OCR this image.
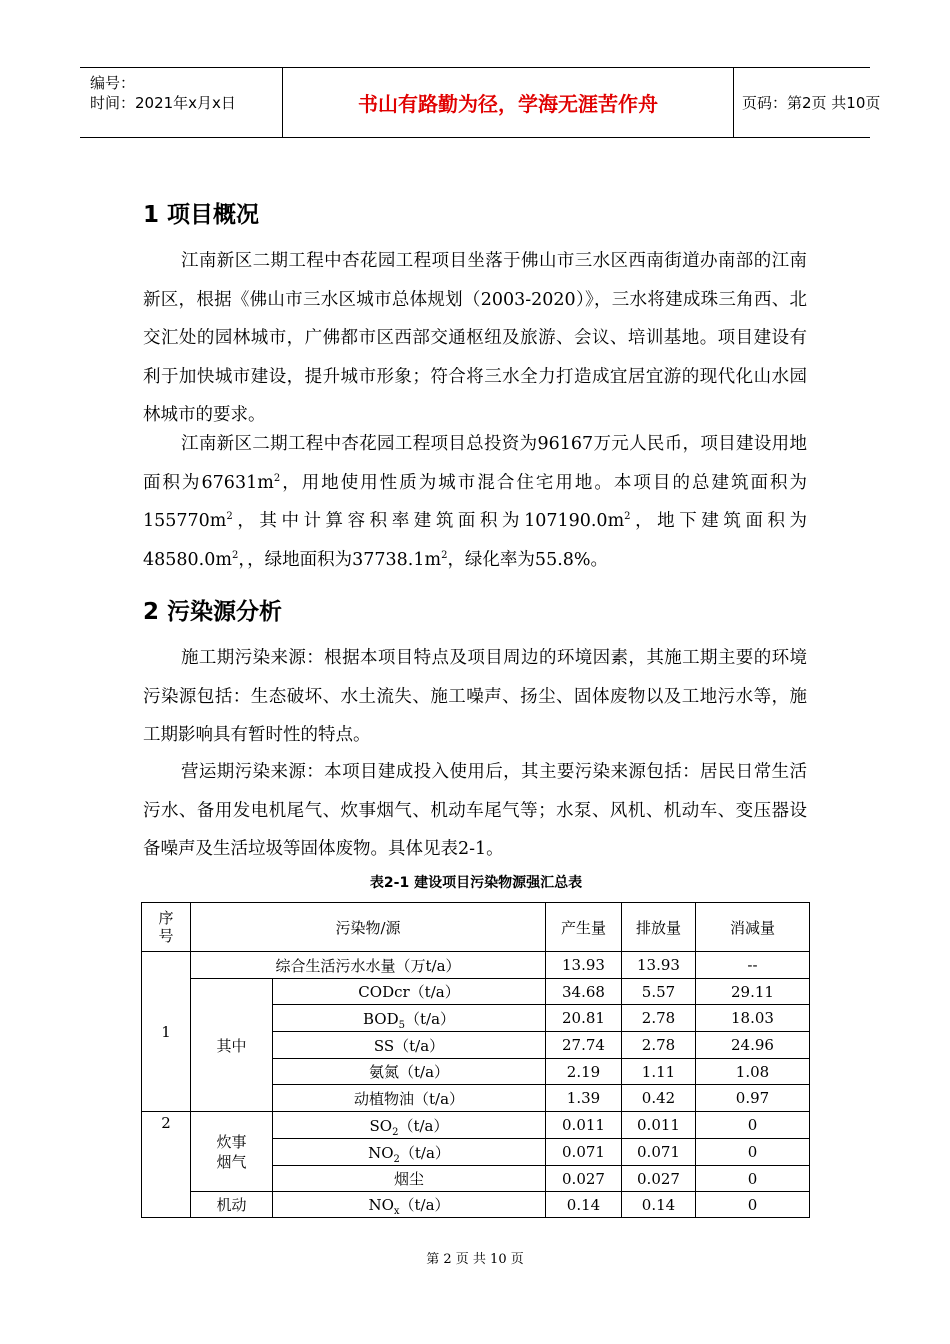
编号：
时间：2021年x月x日	书山有路勤为径，学海无涯苦作舟	页码：第2页 共10页
1 项目概况

江南新区二期工程中杏花园工程项目坐落于佛山市三水区西南街道办南部的江南新区，根据《佛山市三水区城市总体规划（2003-2020）》，三水将建成珠三角西、北交汇处的园林城市，广佛都市区西部交通枢纽及旅游、会议、培训基地。项目建设有利于加快城市建设，提升城市形象；符合将三水全力打造成宜居宜游的现代化山水园林城市的要求。

江南新区二期工程中杏花园工程项目总投资为96167万元人民币，项目建设用地面积为$67631m^2$，用地使用性质为城市混合住宅用地。本项目的总建筑面积为$155770m^2$，其中计算容积率建筑面积为$107190.0m^2$，地下建筑面积为$48580.0m^2$，，绿地面积为$37738.1m^2$，绿化率为55.8%。

2 污染源分析

施工期污染来源：根据本项目特点及项目周边的环境因素，其施工期主要的环境污染源包括：生态破坏、水土流失、施工噪声、扬尘、固体废物以及工地污水等，施工期影响具有暂时性的特点。

营运期污染来源：本项目建成投入使用后，其主要污染来源包括：居民日常生活污水、备用发电机尾气、炊事烟气、机动车尾气等；水泵、风机、机动车、变压器设备噪声及生活垃圾等固体废物。具体见表2-1。

表2-1 建设项目污染物源强汇总表
序号	污染物/源		产生量	排放量	消减量
1	综合生活污水水量（万t/a）		13.93	13.93	--
	其中	CODcr（t/a）	34.68	5.57	29.11
		$BOD_5(t/a)$	20.81	2.78	18.03
		SS（t/a）	27.74	2.78	24.96
		氨氮（t/a）	2.19	1.11	1.08
		动植物油（t/a）	1.39	0.42	0.97
2	炊事烟气	$SO_2(t/a)$	0.011	0.011	0
		$NO_2(t/a)$	0.071	0.071	0
		烟尘	0.027	0.027	0
	机动	$NO_x(t/a)$	0.14	0.14	0
第 2 页 共 10 页
